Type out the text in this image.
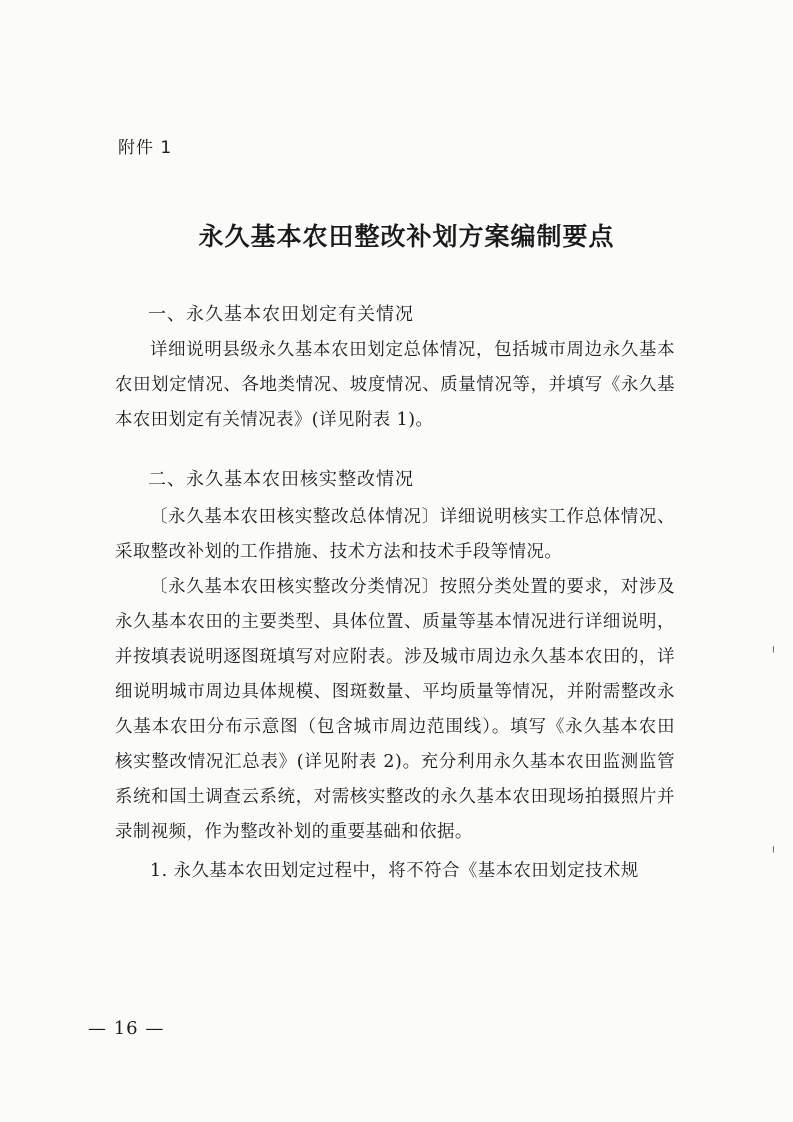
附件 1
永久基本农田整改补划方案编制要点
一、永久基本农田划定有关情况

详细说明县级永久基本农田划定总体情况，包括城市周边永久基本农田划定情况、各地类情况、坡度情况、质量情况等，并填写《永久基本农田划定有关情况表》(详见附表 1)。

二、永久基本农田核实整改情况

〔永久基本农田核实整改总体情况〕详细说明核实工作总体情况、采取整改补划的工作措施、技术方法和技术手段等情况。

〔永久基本农田核实整改分类情况〕按照分类处置的要求，对涉及永久基本农田的主要类型、具体位置、质量等基本情况进行详细说明，并按填表说明逐图斑填写对应附表。涉及城市周边永久基本农田的，详细说明城市周边具体规模、图斑数量、平均质量等情况，并附需整改永久基本农田分布示意图（包含城市周边范围线）。填写《永久基本农田核实整改情况汇总表》(详见附表 2)。充分利用永久基本农田监测监管系统和国土调查云系统，对需核实整改的永久基本农田现场拍摄照片并录制视频，作为整改补划的重要基础和依据。

1. 永久基本农田划定过程中，将不符合《基本农田划定技术规

╷
╷
— 16 —
